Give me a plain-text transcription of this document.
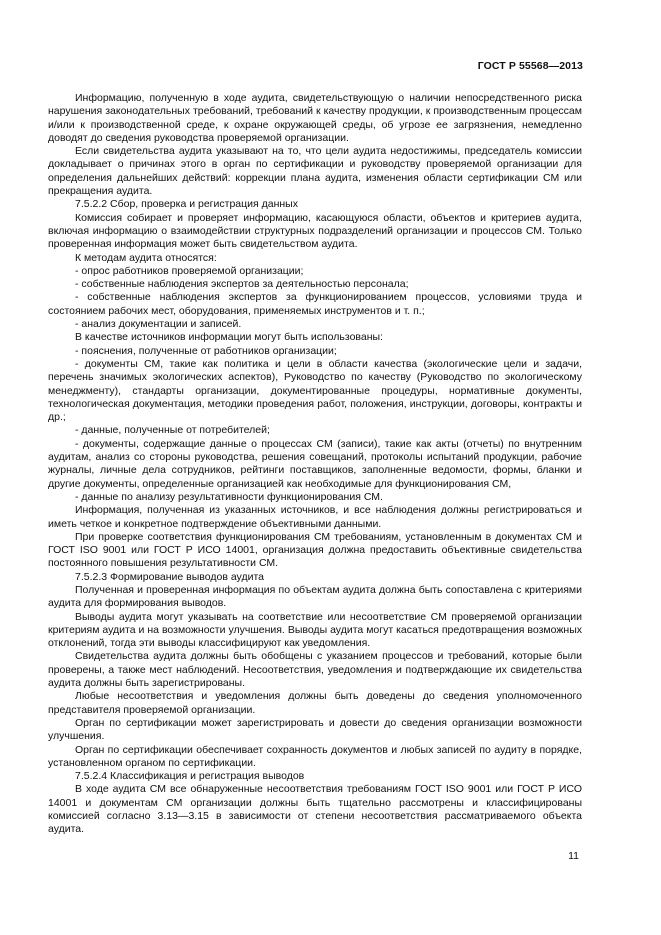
ГОСТ Р 55568—2013

Информацию, полученную в ходе аудита, свидетельствующую о наличии непосредственного риска нарушения законодательных требований, требований к качеству продукции, к производственным процессам и/или к производственной среде, к охране окружающей среды, об угрозе ее загрязнения, немедленно доводят до сведения руководства проверяемой организации.

Если свидетельства аудита указывают на то, что цели аудита недостижимы, председатель комиссии докладывает о причинах этого в орган по сертификации и руководству проверяемой организации для определения дальнейших действий: коррекции плана аудита, изменения области сертификации СМ или прекращения аудита.

7.5.2.2 Сбор, проверка и регистрация данных

Комиссия собирает и проверяет информацию, касающуюся области, объектов и критериев аудита, включая информацию о взаимодействии структурных подразделений организации и процессов СМ. Только проверенная информация может быть свидетельством аудита.

К методам аудита относятся:

- опрос работников проверяемой организации;

- собственные наблюдения экспертов за деятельностью персонала;

- собственные наблюдения экспертов за функционированием процессов, условиями труда и состоянием рабочих мест, оборудования, применяемых инструментов и т. п.;

- анализ документации и записей.

В качестве источников информации могут быть использованы:

- пояснения, полученные от работников организации;

- документы СМ, такие как политика и цели в области качества (экологические цели и задачи, перечень значимых экологических аспектов), Руководство по качеству (Руководство по экологическому менеджменту), стандарты организации, документированные процедуры, нормативные документы, технологическая документация, методики проведения работ, положения, инструкции, договоры, контракты и др.;

- данные, полученные от потребителей;

- документы, содержащие данные о процессах СМ (записи), такие как акты (отчеты) по внутренним аудитам, анализ со стороны руководства, решения совещаний, протоколы испытаний продукции, рабочие журналы, личные дела сотрудников, рейтинги поставщиков, заполненные ведомости, формы, бланки и другие документы, определенные организацией как необходимые для функционирования СМ,

- данные по анализу результативности функционирования СМ.

Информация, полученная из указанных источников, и все наблюдения должны регистрироваться и иметь четкое и конкретное подтверждение объективными данными.

При проверке соответствия функционирования СМ требованиям, установленным в документах СМ и ГОСТ ISO 9001 или ГОСТ Р ИСО 14001, организация должна предоставить объективные свидетельства постоянного повышения результативности СМ.

7.5.2.3 Формирование выводов аудита

Полученная и проверенная информация по объектам аудита должна быть сопоставлена с критериями аудита для формирования выводов.

Выводы аудита могут указывать на соответствие или несоответствие СМ проверяемой организации критериям аудита и на возможности улучшения. Выводы аудита могут касаться предотвращения возможных отклонений, тогда эти выводы классифицируют как уведомления.

Свидетельства аудита должны быть обобщены с указанием процессов и требований, которые были проверены, а также мест наблюдений. Несоответствия, уведомления и подтверждающие их свидетельства аудита должны быть зарегистрированы.

Любые несоответствия и уведомления должны быть доведены до сведения уполномоченного представителя проверяемой организации.

Орган по сертификации может зарегистрировать и довести до сведения организации возможности улучшения.

Орган по сертификации обеспечивает сохранность документов и любых записей по аудиту в порядке, установленном органом по сертификации.

7.5.2.4 Классификация и регистрация выводов

В ходе аудита СМ все обнаруженные несоответствия требованиям ГОСТ ISO 9001 или ГОСТ Р ИСО 14001 и документам СМ организации должны быть тщательно рассмотрены и классифицированы комиссией согласно 3.13—3.15 в зависимости от степени несоответствия рассматриваемого объекта аудита.

11
